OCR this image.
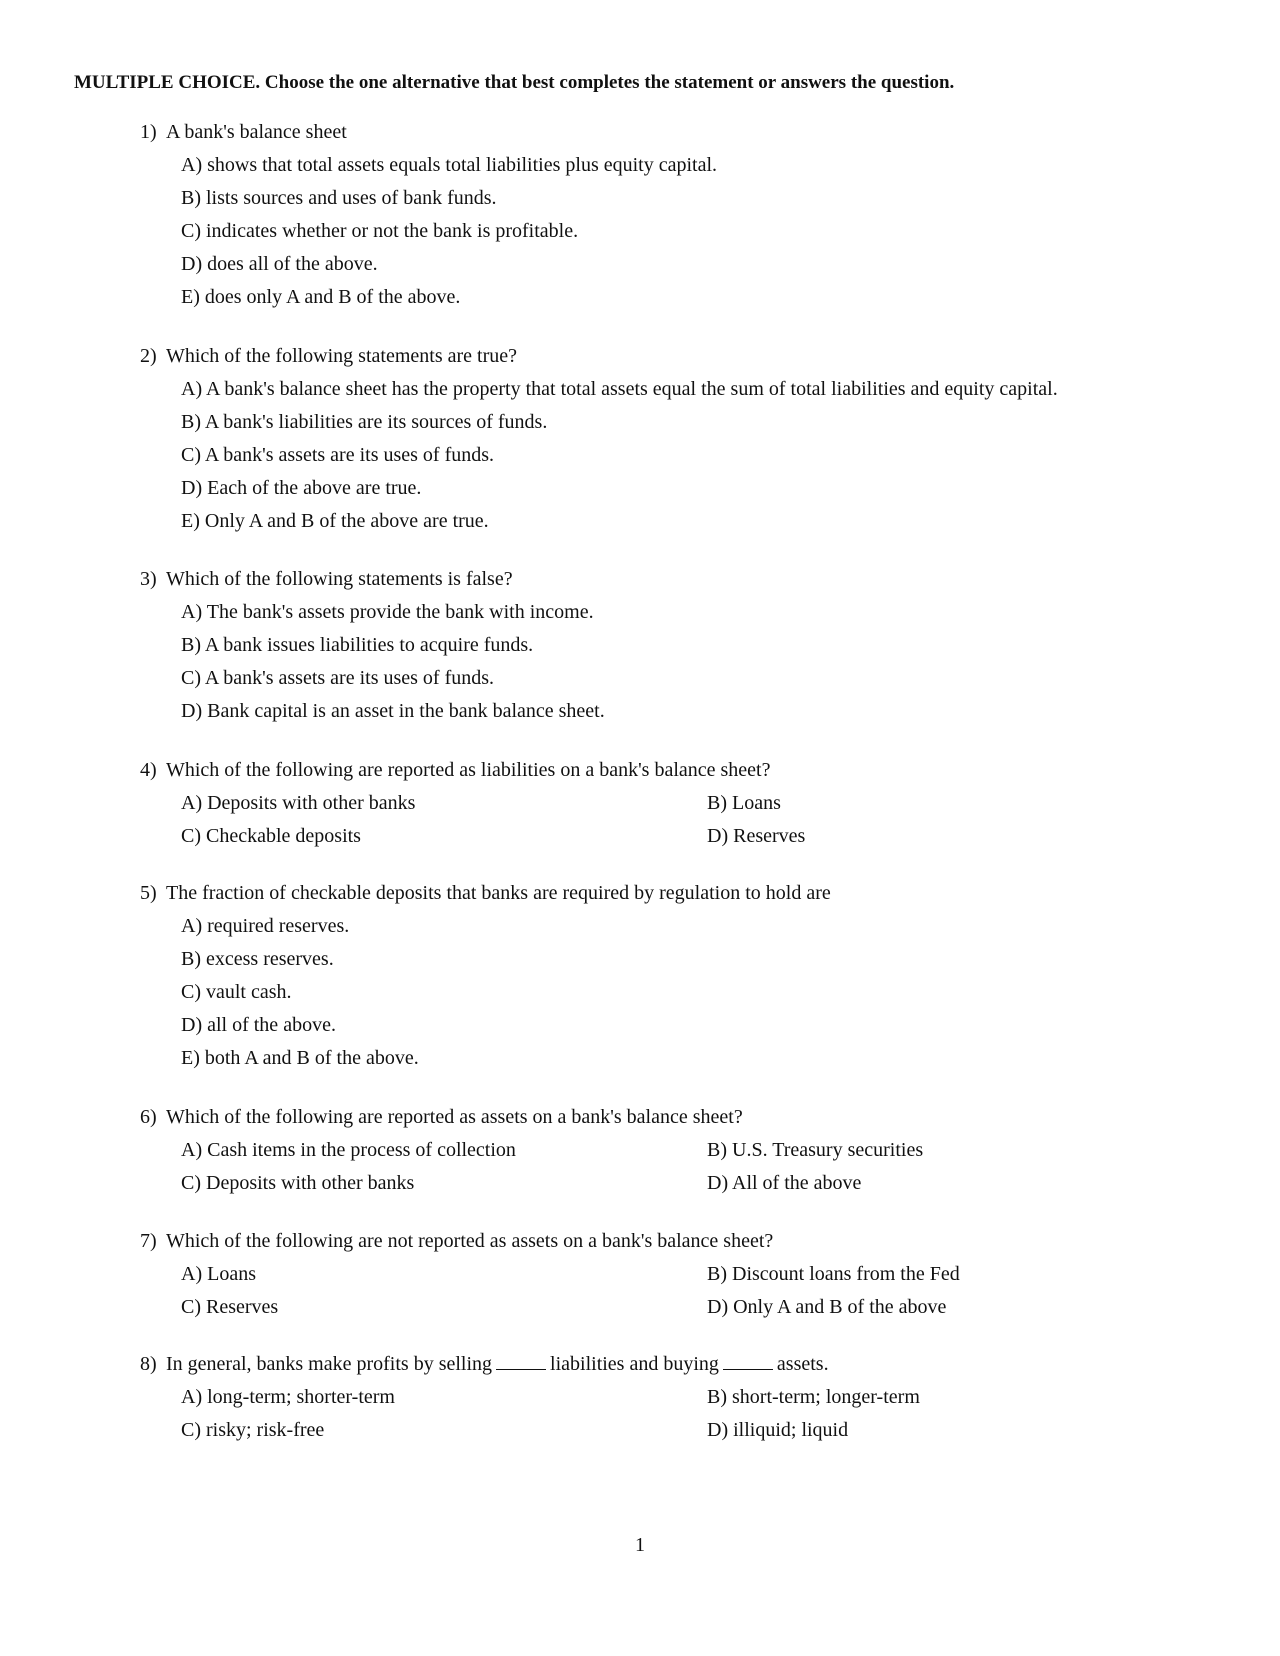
MULTIPLE CHOICE. Choose the one alternative that best completes the statement or answers the question.
1) A bank's balance sheet
A) shows that total assets equals total liabilities plus equity capital.
B) lists sources and uses of bank funds.
C) indicates whether or not the bank is profitable.
D) does all of the above.
E) does only A and B of the above.
2) Which of the following statements are true?
A) A bank's balance sheet has the property that total assets equal the sum of total liabilities and equity capital.
B) A bank's liabilities are its sources of funds.
C) A bank's assets are its uses of funds.
D) Each of the above are true.
E) Only A and B of the above are true.
3) Which of the following statements is false?
A) The bank's assets provide the bank with income.
B) A bank issues liabilities to acquire funds.
C) A bank's assets are its uses of funds.
D) Bank capital is an asset in the bank balance sheet.
4) Which of the following are reported as liabilities on a bank's balance sheet?
A) Deposits with other banks	B) Loans
C) Checkable deposits	D) Reserves
5) The fraction of checkable deposits that banks are required by regulation to hold are
A) required reserves.
B) excess reserves.
C) vault cash.
D) all of the above.
E) both A and B of the above.
6) Which of the following are reported as assets on a bank's balance sheet?
A) Cash items in the process of collection	B) U.S. Treasury securities
C) Deposits with other banks	D) All of the above
7) Which of the following are not reported as assets on a bank's balance sheet?
A) Loans	B) Discount loans from the Fed
C) Reserves	D) Only A and B of the above
8) In general, banks make profits by selling	liabilities and buying	assets.
A) long-term; shorter-term	B) short-term; longer-term
C) risky; risk-free	D) illiquid; liquid
1
